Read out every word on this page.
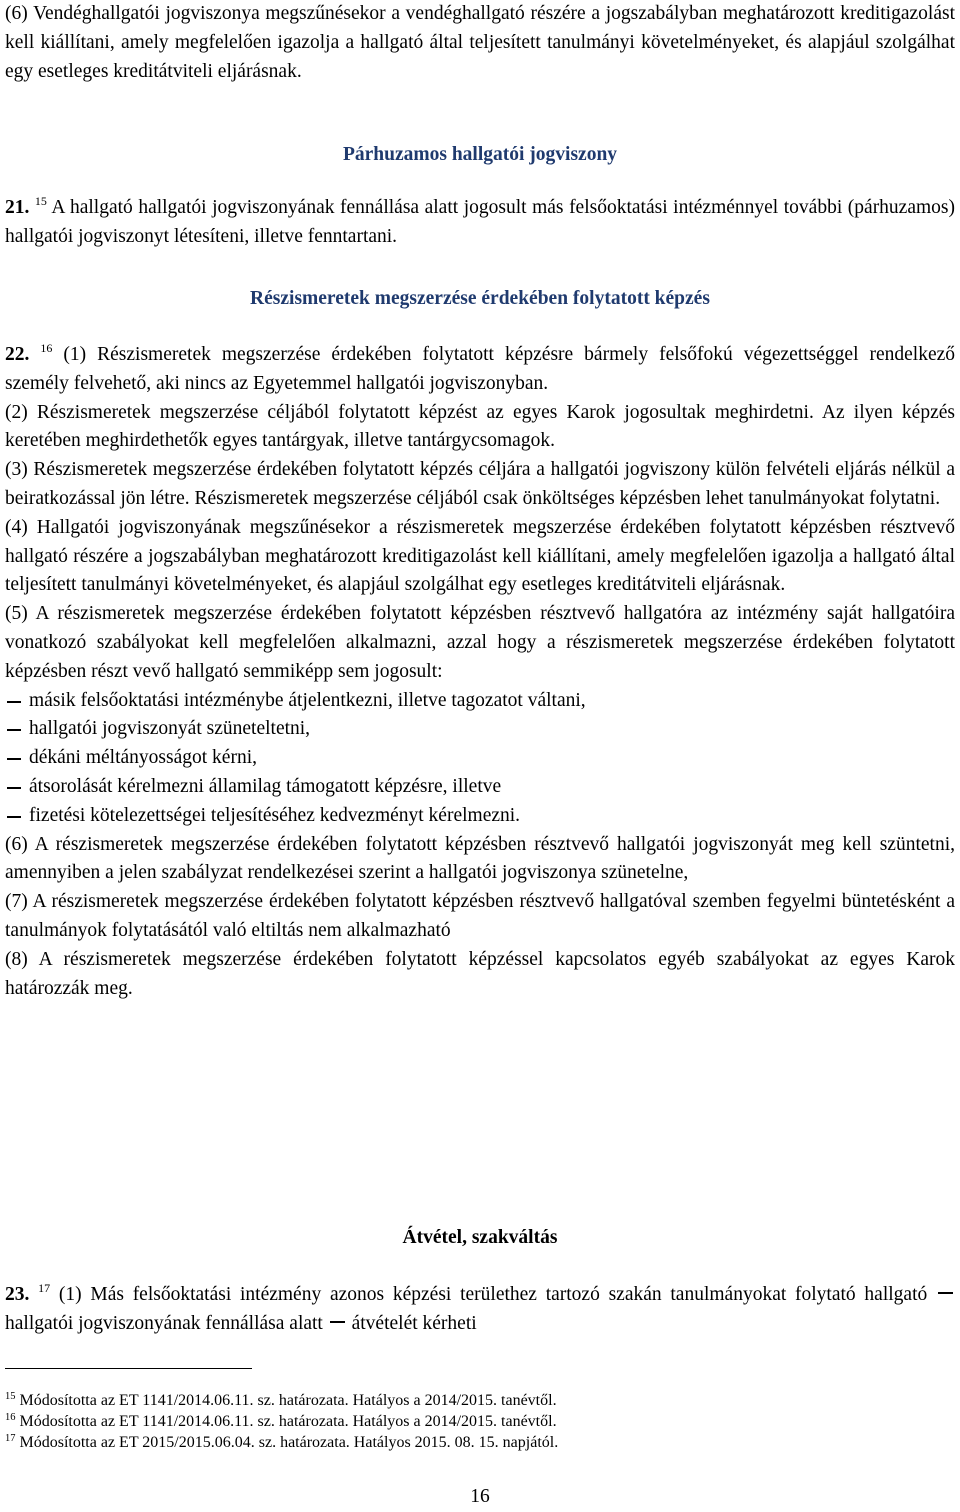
(6) Vendéghallgatói jogviszonya megszűnésekor a vendéghallgató részére a jogszabályban meghatározott kreditigazolást kell kiállítani, amely megfelelően igazolja a hallgató által teljesített tanulmányi követelményeket, és alapjául szolgálhat egy esetleges kreditátviteli eljárásnak.

Párhuzamos hallgatói jogviszony

21. $^{15}$ A hallgató hallgatói jogviszonyának fennállása alatt jogosult más felsőoktatási intézménnyel további (párhuzamos) hallgatói jogviszonyt létesíteni, illetve fenntartani.

Részismeretek megszerzése érdekében folytatott képzés

22. $^{16}$ (1) Részismeretek megszerzése érdekében folytatott képzésre bármely felsőfokú végezettséggel rendelkező személy felvehető, aki nincs az Egyetemmel hallgatói jogviszonyban.

(2) Részismeretek megszerzése céljából folytatott képzést az egyes Karok jogosultak meghirdetni. Az ilyen képzés keretében meghirdethetők egyes tantárgyak, illetve tantárgycsomagok.

(3) Részismeretek megszerzése érdekében folytatott képzés céljára a hallgatói jogviszony külön felvételi eljárás nélkül a beiratkozással jön létre. Részismeretek megszerzése céljából csak önköltséges képzésben lehet tanulmányokat folytatni.

(4) Hallgatói jogviszonyának megszűnésekor a részismeretek megszerzése érdekében folytatott képzésben résztvevő hallgató részére a jogszabályban meghatározott kreditigazolást kell kiállítani, amely megfelelően igazolja a hallgató által teljesített tanulmányi követelményeket, és alapjául szolgálhat egy esetleges kreditátviteli eljárásnak.

(5) A részismeretek megszerzése érdekében folytatott képzésben résztvevő hallgatóra az intézmény saját hallgatóira vonatkozó szabályokat kell megfelelően alkalmazni, azzal hogy a részismeretek megszerzése érdekében folytatott képzésben részt vevő hallgató semmiképp sem jogosult:

másik felsőoktatási intézménybe átjelentkezni, illetve tagozatot váltani,

hallgatói jogviszonyát szüneteltetni,

dékáni méltányosságot kérni,

átsorolását kérelmezni államilag támogatott képzésre, illetve

fizetési kötelezettségei teljesítéséhez kedvezményt kérelmezni.

(6) A részismeretek megszerzése érdekében folytatott képzésben résztvevő hallgatói jogviszonyát meg kell szüntetni, amennyiben a jelen szabályzat rendelkezései szerint a hallgatói jogviszonya szünetelne,

(7) A részismeretek megszerzése érdekében folytatott képzésben résztvevő hallgatóval szemben fegyelmi büntetésként a tanulmányok folytatásától való eltiltás nem alkalmazható

(8) A részismeretek megszerzése érdekében folytatott képzéssel kapcsolatos egyéb szabályokat az egyes Karok határozzák meg.

Átvétel, szakváltás

23. $^{17}$ (1) Más felsőoktatási intézmény azonos képzési területhez tartozó szakán tanulmányokat folytató hallgató  hallgatói jogviszonyának fennállása alatt átvételét kérheti

$^{15}$ Módosította az ET 1141/2014.06.11. sz. határozata. Hatályos a 2014/2015. tanévtől.

$^{16}$ Módosította az ET 1141/2014.06.11. sz. határozata. Hatályos a 2014/2015. tanévtől.

$^{17}$ Módosította az ET 2015/2015.06.04. sz. határozata. Hatályos 2015. 08. 15. napjától.

16
